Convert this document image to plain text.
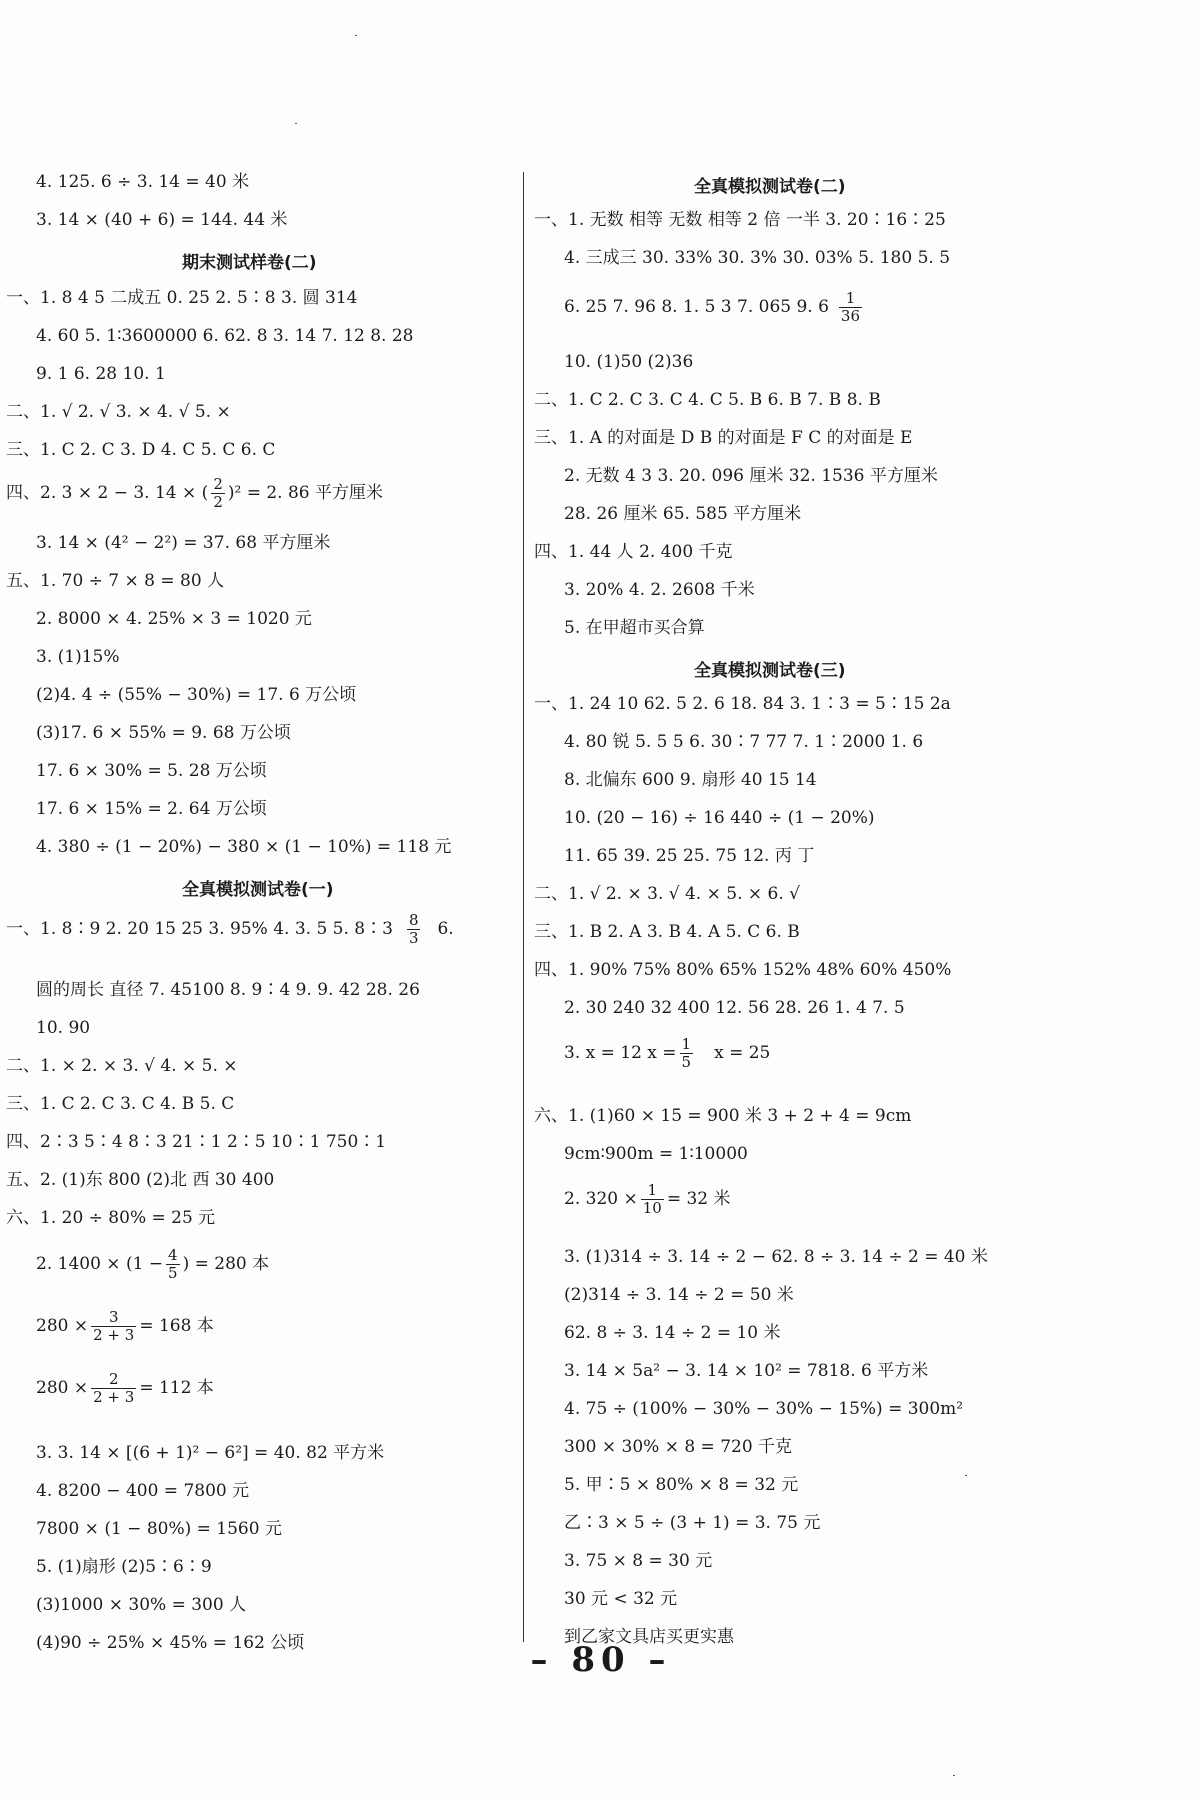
4. 125. 6 ÷ 3. 14 = 40 米
3. 14 × (40 + 6) = 144. 44 米
期末测试样卷(二)
一、1. 8 4 5 二成五 0. 25 2. 5∶8 3. 圆 314
4. 60 5. 1∶3600000 6. 62. 8 3. 14 7. 12 8. 28
9. 1 6. 28 10. 1
二、1. √ 2. √ 3. × 4. √ 5. ×
三、1. C 2. C 3. D 4. C 5. C 6. C
四、2. 3 × 2 − 3. 14 × ( $\frac{2}{2} )^2 = 2$. 86 平方厘米
3. 14 × (4² − 2²) = 37. 68 平方厘米
五、1. 70 ÷ 7 × 8 = 80 人
2. 8000 × 4. 25% × 3 = 1020 元
3. (1)15%
(2)4. 4 ÷ (55% − 30%) = 17. 6 万公顷
(3)17. 6 × 55% = 9. 68 万公顷
17. 6 × 30% = 5. 28 万公顷
17. 6 × 15% = 2. 64 万公顷
4. 380 ÷ (1 − 20%) − 380 × (1 − 10%) = 118 元
全真模拟测试卷(一)
一、1. 8∶9 2. 20 15 25 3. 95% 4. 3. 5 5. 8∶3 $\frac{8}{3} 6$.
圆的周长 直径 7. 45100 8. 9∶4 9. 9. 42 28. 26
10. 90
二、1. × 2. × 3. √ 4. × 5. ×
三、1. C 2. C 3. C 4. B 5. C
四、2∶3 5∶4 8∶3 21∶1 2∶5 10∶1 750∶1
五、2. (1)东 800 (2)北 西 30 400
六、1. 20 ÷ 80% = 25 元
2. $1400 \times (1 - \frac{4}{5}$ ) = 280 本
$280 \times \frac{3}{2 + 3} = 168$ 本
$280 \times \frac{2}{2 + 3} = 112$ 本
3. 3. 14 × [(6 + 1)² − 6²] = 40. 82 平方米
4. 8200 − 400 = 7800 元
7800 × (1 − 80%) = 1560 元
5. (1)扇形 (2)5∶6∶9
(3)1000 × 30% = 300 人
(4)90 ÷ 25% × 45% = 162 公顷
全真模拟测试卷(二)
一、1. 无数 相等 无数 相等 2 倍 一半 3. 20∶16∶25
4. 三成三 30. 33% 30. 3% 30. 03% 5. 180 5. 5
6. 25 7. 96 8. 1. 5 3 7. 065 9. $6 \frac{1}{36}$
10. (1)50 (2)36
二、1. C 2. C 3. C 4. C 5. B 6. B 7. B 8. B
三、1. A 的对面是 D B 的对面是 F C 的对面是 E
2. 无数 4 3 3. 20. 096 厘米 32. 1536 平方厘米
28. 26 厘米 65. 585 平方厘米
四、1. 44 人 2. 400 千克
3. 20% 4. 2. 2608 千米
5. 在甲超市买合算
全真模拟测试卷(三)
一、1. 24 10 62. 5 2. 6 18. 84 3. 1∶3 = 5∶15 2a
4. 80 锐 5. 5 5 6. 30∶7 77 7. 1∶2000 1. 6
8. 北偏东 600 9. 扇形 40 15 14
10. (20 − 16) ÷ 16 440 ÷ (1 − 20%)
11. 65 39. 25 25. 75 12. 丙 丁
二、1. √ 2. × 3. √ 4. × 5. × 6. √
三、1. B 2. A 3. B 4. A 5. C 6. B
四、1. 90% 75% 80% 65% 152% 48% 60% 450%
2. 30 240 32 400 12. 56 28. 26 1. 4 7. 5
3. x = 12 $x = \frac{1}{5}$ x = 25
六、1. (1)60 × 15 = 900 米 3 + 2 + 4 = 9cm
9cm∶900m = 1∶10000
2. $320 \times \frac{1}{10} = 32$ 米
3. (1)314 ÷ 3. 14 ÷ 2 − 62. 8 ÷ 3. 14 ÷ 2 = 40 米
(2)314 ÷ 3. 14 ÷ 2 = 50 米
62. 8 ÷ 3. 14 ÷ 2 = 10 米
3. 14 × 5a² − 3. 14 × 10² = 7818. 6 平方米
4. 75 ÷ (100% − 30% − 30% − 15%) = 300m²
300 × 30% × 8 = 720 千克
5. 甲∶5 × 80% × 8 = 32 元
乙∶3 × 5 ÷ (3 + 1) = 3. 75 元
3. 75 × 8 = 30 元
30 元 < 32 元
到乙家文具店买更实惠
– 80 –
